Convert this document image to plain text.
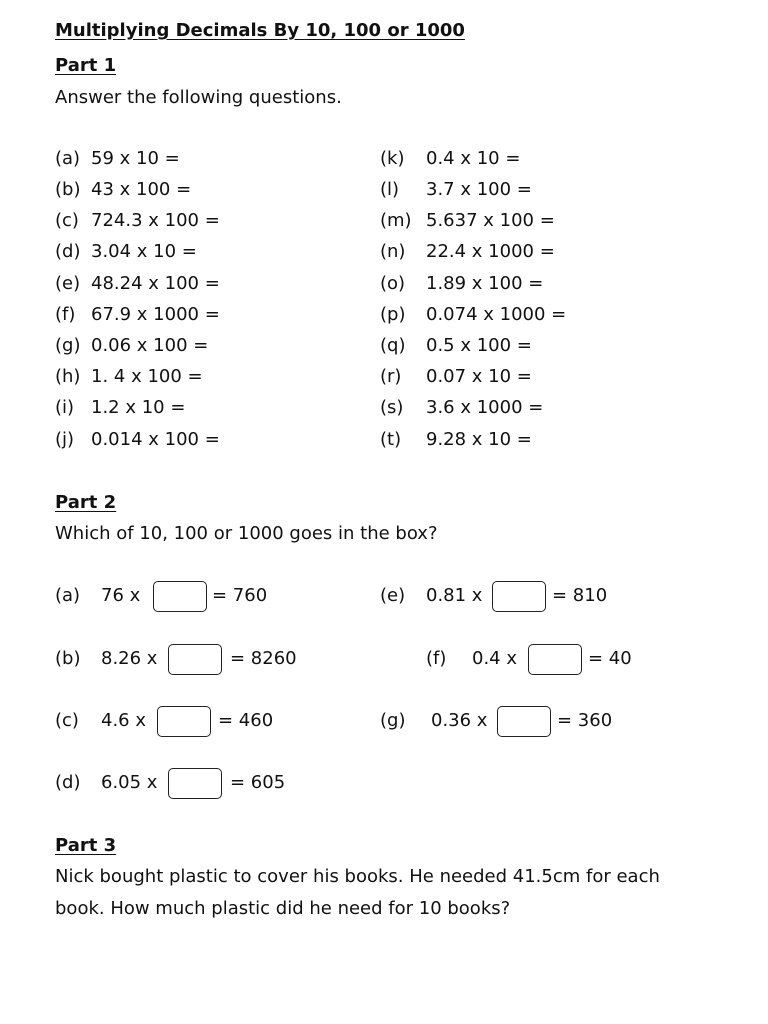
Multiplying Decimals By 10, 100 or 1000
Part 1
Answer the following questions.
(a) 59 x 10 =
(b) 43 x 100 =
(c) 724.3 x 100 =
(d) 3.04 x 10 =
(e) 48.24 x 100 =
(f) 67.9 x 1000 =
(g) 0.06 x 100 =
(h) 1. 4 x 100 =
(i) 1.2 x 10 =
(j) 0.014 x 100 =
(k) 0.4 x 10 =
(l) 3.7 x 100 =
(m) 5.637 x 100 =
(n) 22.4 x 1000 =
(o) 1.89 x 100 =
(p) 0.074 x 1000 =
(q) 0.5 x 100 =
(r) 0.07 x 10 =
(s) 3.6 x 1000 =
(t) 9.28 x 10 =
Part 2
Which of 10, 100 or 1000 goes in the box?
(a) 76 x	= 760
(b) 8.26 x	= 8260
(c) 4.6 x	= 460
(d) 6.05 x	= 605
(e) 0.81 x	= 810
(f) 0.4 x	= 40
(g) 0.36 x	= 360
Part 3
Nick bought plastic to cover his books. He needed 41.5cm for each
book. How much plastic did he need for 10 books?
